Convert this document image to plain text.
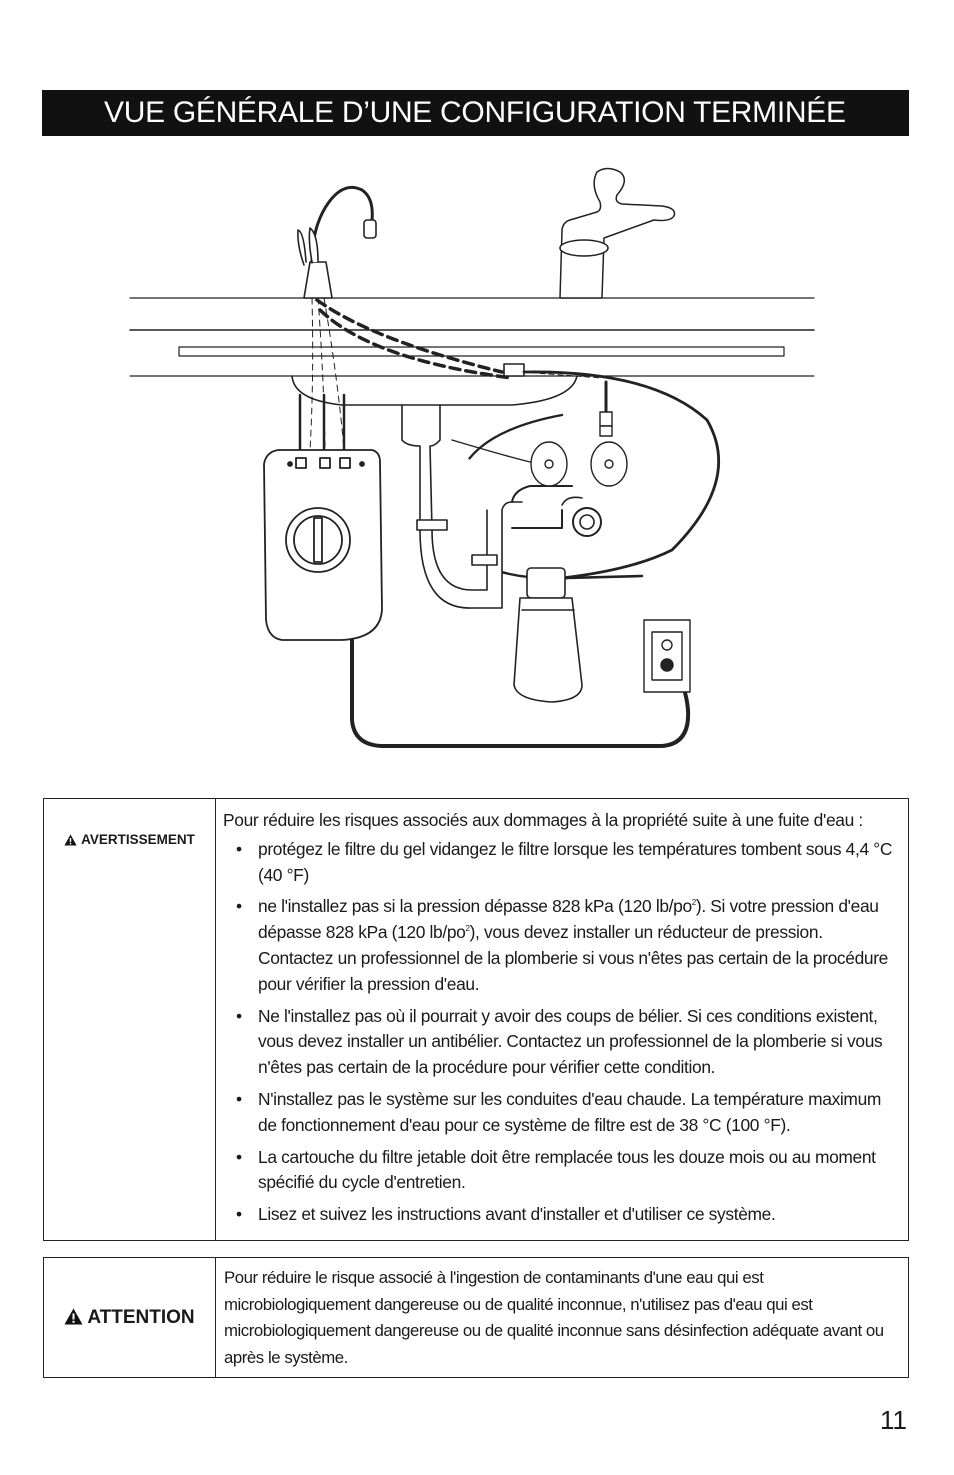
VUE GÉNÉRALE D’UNE CONFIGURATION TERMINÉE
AVERTISSEMENT

Pour réduire les risques associés aux dommages à la propriété suite à une fuite d'eau :

• protégez le filtre du gel vidangez le filtre lorsque les températures tombent sous 4,4 °C (40 °F)
• ne l'installez pas si la pression dépasse 828 kPa (120 $lb/po^2$). Si votre pression d'eau dépasse 828 kPa (120 $lb/po^2$), vous devez installer un réducteur de pression. Contactez un professionnel de la plomberie si vous n'êtes pas certain de la procédure pour vérifier la pression d'eau.
• Ne l'installez pas où il pourrait y avoir des coups de bélier. Si ces conditions existent, vous devez installer un antibélier. Contactez un professionnel de la plomberie si vous n'êtes pas certain de la procédure pour vérifier cette condition.
• N'installez pas le système sur les conduites d'eau chaude. La température maximum de fonctionnement d'eau pour ce système de filtre est de 38 °C (100 °F).
• La cartouche du filtre jetable doit être remplacée tous les douze mois ou au moment spécifié du cycle d'entretien.
• Lisez et suivez les instructions avant d'installer et d'utiliser ce système.
ATTENTION
Pour réduire le risque associé à l'ingestion de contaminants d'une eau qui est microbiologiquement dangereuse ou de qualité inconnue, n'utilisez pas d'eau qui est microbiologiquement dangereuse ou de qualité inconnue sans désinfection adéquate avant ou après le système.
11
